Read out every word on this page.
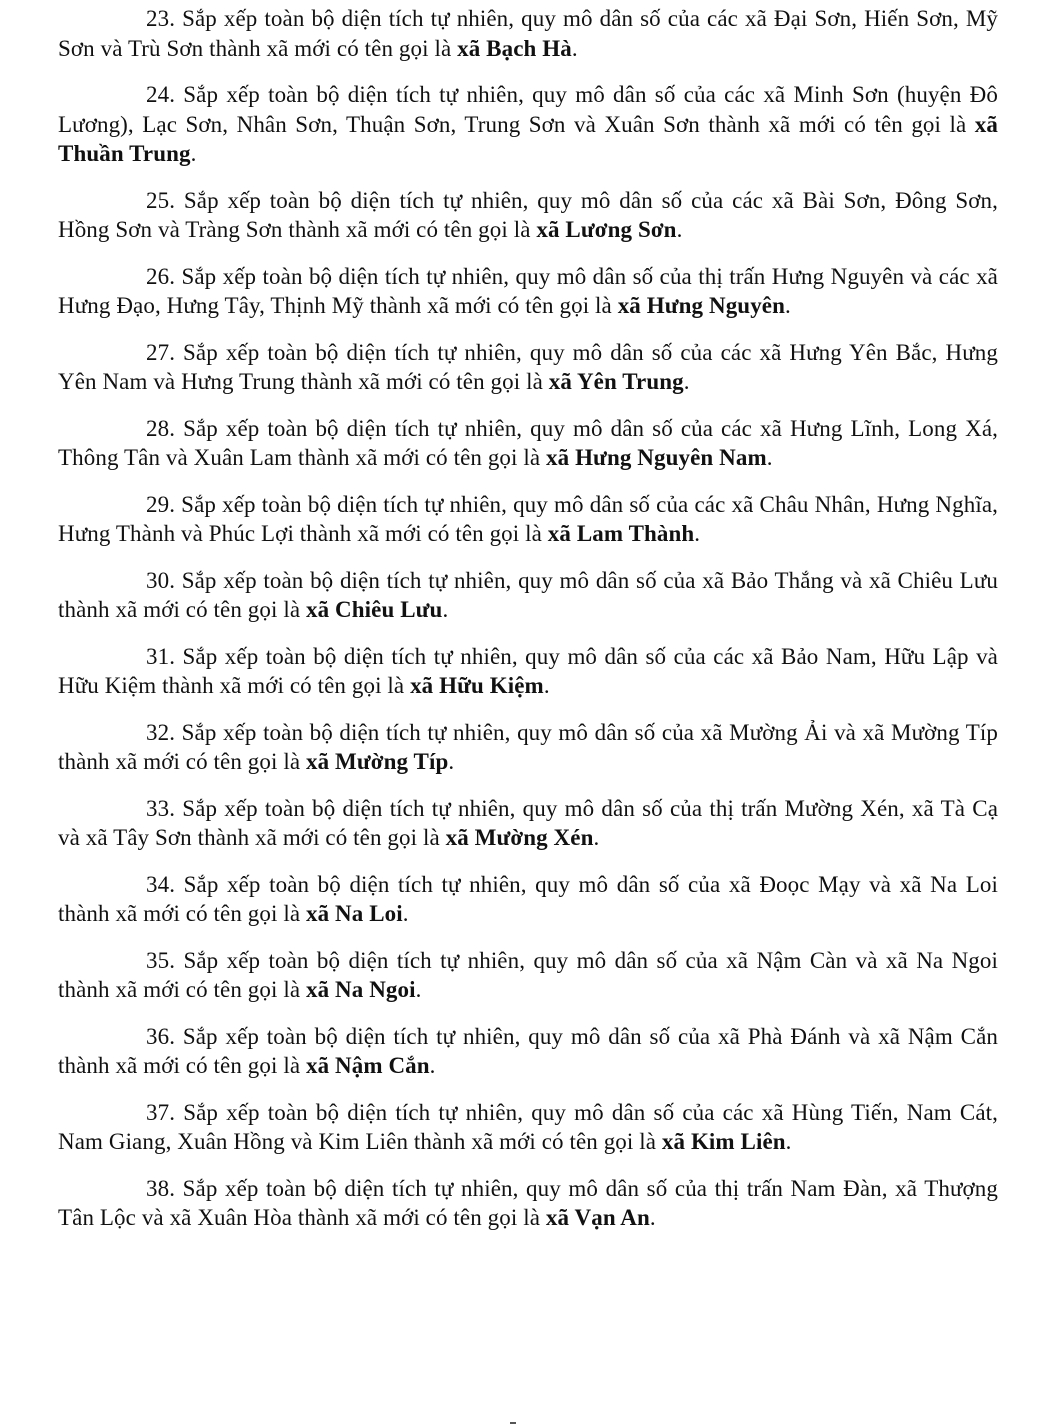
23. Sắp xếp toàn bộ diện tích tự nhiên, quy mô dân số của các xã Đại Sơn, Hiến Sơn, Mỹ Sơn và Trù Sơn thành xã mới có tên gọi là xã Bạch Hà.

24. Sắp xếp toàn bộ diện tích tự nhiên, quy mô dân số của các xã Minh Sơn (huyện Đô Lương), Lạc Sơn, Nhân Sơn, Thuận Sơn, Trung Sơn và Xuân Sơn thành xã mới có tên gọi là xã Thuần Trung.

25. Sắp xếp toàn bộ diện tích tự nhiên, quy mô dân số của các xã Bài Sơn, Đông Sơn, Hồng Sơn và Tràng Sơn thành xã mới có tên gọi là xã Lương Sơn.

26. Sắp xếp toàn bộ diện tích tự nhiên, quy mô dân số của thị trấn Hưng Nguyên và các xã Hưng Đạo, Hưng Tây, Thịnh Mỹ thành xã mới có tên gọi là xã Hưng Nguyên.

27. Sắp xếp toàn bộ diện tích tự nhiên, quy mô dân số của các xã Hưng Yên Bắc, Hưng Yên Nam và Hưng Trung thành xã mới có tên gọi là xã Yên Trung.

28. Sắp xếp toàn bộ diện tích tự nhiên, quy mô dân số của các xã Hưng Lĩnh, Long Xá, Thông Tân và Xuân Lam thành xã mới có tên gọi là xã Hưng Nguyên Nam.

29. Sắp xếp toàn bộ diện tích tự nhiên, quy mô dân số của các xã Châu Nhân, Hưng Nghĩa, Hưng Thành và Phúc Lợi thành xã mới có tên gọi là xã Lam Thành.

30. Sắp xếp toàn bộ diện tích tự nhiên, quy mô dân số của xã Bảo Thắng và xã Chiêu Lưu thành xã mới có tên gọi là xã Chiêu Lưu.

31. Sắp xếp toàn bộ diện tích tự nhiên, quy mô dân số của các xã Bảo Nam, Hữu Lập và Hữu Kiệm thành xã mới có tên gọi là xã Hữu Kiệm.

32. Sắp xếp toàn bộ diện tích tự nhiên, quy mô dân số của xã Mường Ải và xã Mường Típ thành xã mới có tên gọi là xã Mường Típ.

33. Sắp xếp toàn bộ diện tích tự nhiên, quy mô dân số của thị trấn Mường Xén, xã Tà Cạ và xã Tây Sơn thành xã mới có tên gọi là xã Mường Xén.

34. Sắp xếp toàn bộ diện tích tự nhiên, quy mô dân số của xã Đoọc Mạy và xã Na Loi thành xã mới có tên gọi là xã Na Loi.

35. Sắp xếp toàn bộ diện tích tự nhiên, quy mô dân số của xã Nậm Càn và xã Na Ngoi thành xã mới có tên gọi là xã Na Ngoi.

36. Sắp xếp toàn bộ diện tích tự nhiên, quy mô dân số của xã Phà Đánh và xã Nậm Cắn thành xã mới có tên gọi là xã Nậm Cắn.

37. Sắp xếp toàn bộ diện tích tự nhiên, quy mô dân số của các xã Hùng Tiến, Nam Cát, Nam Giang, Xuân Hồng và Kim Liên thành xã mới có tên gọi là xã Kim Liên.

38. Sắp xếp toàn bộ diện tích tự nhiên, quy mô dân số của thị trấn Nam Đàn, xã Thượng Tân Lộc và xã Xuân Hòa thành xã mới có tên gọi là xã Vạn An.
